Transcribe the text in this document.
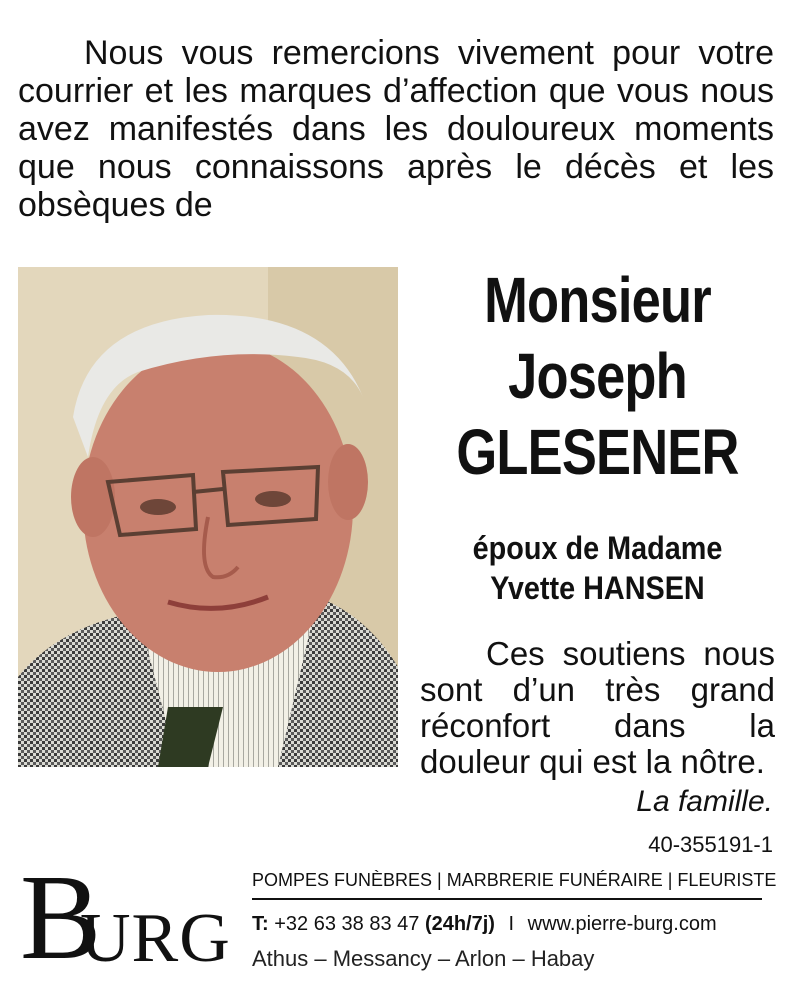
Nous vous remercions vivement pour votre courrier et les marques d’affection que vous nous avez manifestés dans les douloureux moments que nous connaissons après le décès et les obsèques de
Monsieur
Joseph
GLESENER
époux de Madame
Yvette HANSEN
Ces soutiens nous sont d’un très grand réconfort dans la douleur qui est la nôtre.
La famille.
40-355191-1
B
URG
POMPES FUNÈBRES | MARBRERIE FUNÉRAIRE | FLEURISTE
T: +32 63 38 83 47 (24h/7j) I www.pierre-burg.com
Athus – Messancy – Arlon – Habay
